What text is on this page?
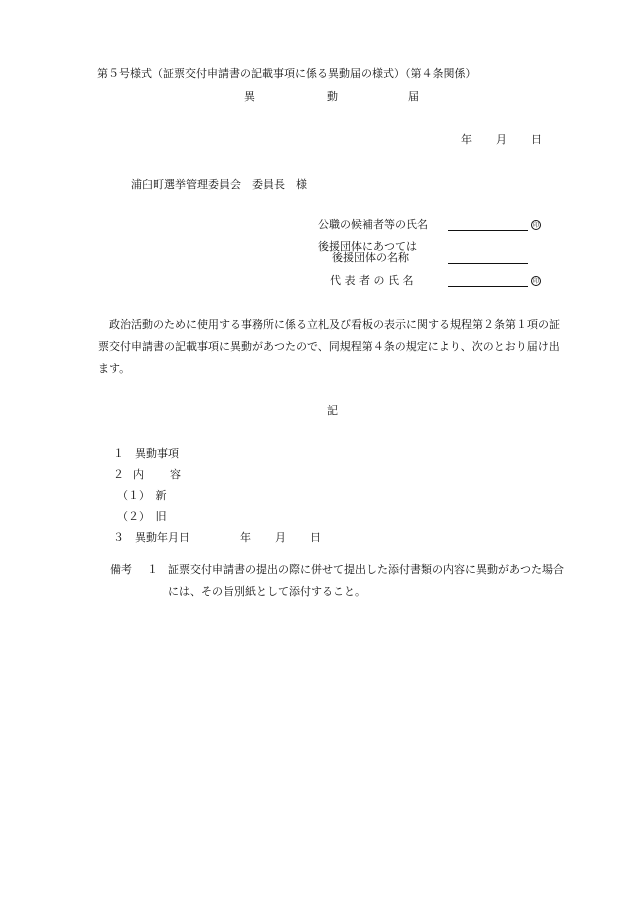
第５号様式（証票交付申請書の記載事項に係る異動届の様式）（第４条関係）
異	動	届
年 月 日
浦臼町選挙管理委員会　委員長　様
公職の候補者等の氏名	印
後援団体にあつては
後援団体の名称
代 表 者 の 氏 名	印
政治活動のために使用する事務所に係る立札及び看板の表示に関する規程第２条第１項の証票交付申請書の記載事項に異動があつたので、同規程第４条の規定により、次のとおり届け出ます。
記
１　異動事項
２ 内 容
（１）　新
（２）　旧
３　異動年月日	年 月 日
備考 １ 証票交付申請書の提出の際に併せて提出した添付書類の内容に異動があつた場合には、その旨別紙として添付すること。
